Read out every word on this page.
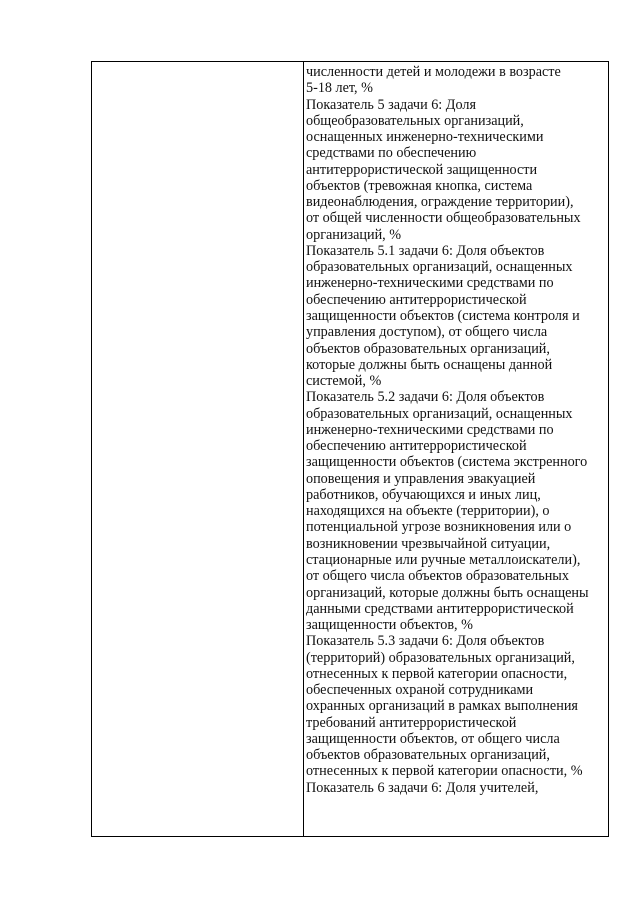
численности детей и молодежи в возрасте
5-18 лет, %
Показатель 5 задачи 6: Доля
общеобразовательных организаций,
оснащенных инженерно-техническими
средствами по обеспечению
антитеррористической защищенности
объектов (тревожная кнопка, система
видеонаблюдения, ограждение территории),
от общей численности общеобразовательных
организаций, %
Показатель 5.1 задачи 6: Доля объектов
образовательных организаций, оснащенных
инженерно-техническими средствами по
обеспечению антитеррористической
защищенности объектов (система контроля и
управления доступом), от общего числа
объектов образовательных организаций,
которые должны быть оснащены данной
системой, %
Показатель 5.2 задачи 6: Доля объектов
образовательных организаций, оснащенных
инженерно-техническими средствами по
обеспечению антитеррористической
защищенности объектов (система экстренного
оповещения и управления эвакуацией
работников, обучающихся и иных лиц,
находящихся на объекте (территории), о
потенциальной угрозе возникновения или о
возникновении чрезвычайной ситуации,
стационарные или ручные металлоискатели),
от общего числа объектов образовательных
организаций, которые должны быть оснащены
данными средствами антитеррористической
защищенности объектов, %
Показатель 5.3 задачи 6: Доля объектов
(территорий) образовательных организаций,
отнесенных к первой категории опасности,
обеспеченных охраной сотрудниками
охранных организаций в рамках выполнения
требований антитеррористической
защищенности объектов, от общего числа
объектов образовательных организаций,
отнесенных к первой категории опасности, %
Показатель 6 задачи 6: Доля учителей,
